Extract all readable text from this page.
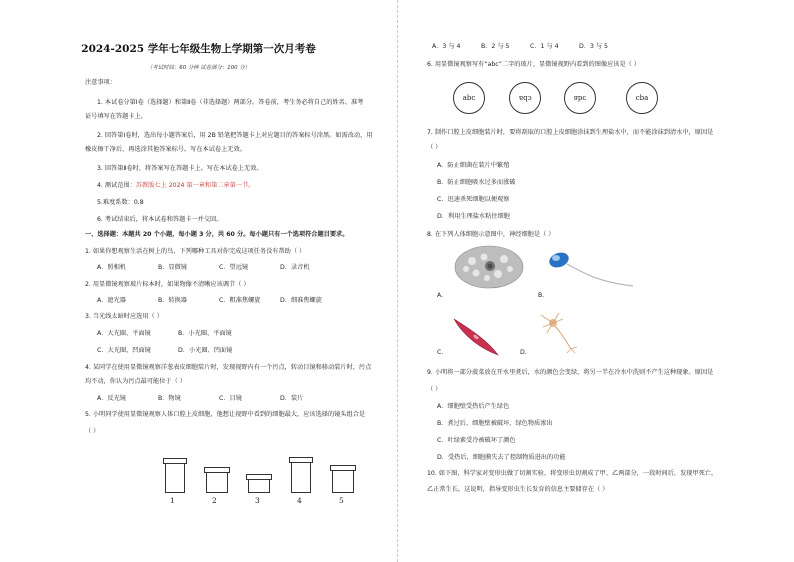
2024-2025 学年七年级生物上学期第一次月考卷
（考试时间：60 分钟 试卷满分：100 分）
注意事项：
1. 本试卷分第Ⅰ卷（选择题）和第Ⅱ卷（非选择题）两部分。答卷前，考生务必将自己的姓名、准考
证号填写在答题卡上。
2. 回答第Ⅰ卷时，选出每小题答案后，用 2B 铅笔把答题卡上对应题目的答案标号涂黑。如需改动，用
橡皮擦干净后，再选涂其他答案标号。写在本试卷上无效。
3. 回答第Ⅱ卷时，将答案写在答题卡上。写在本试卷上无效。
4. 测试范围：苏教版七上 2024 第一章和第二章第一节。
5.难度系数：0.8
6. 考试结束后，将本试卷和答题卡一并交回。
一、选择题：本题共 20 个小题，每小题 3 分，共 60 分。每小题只有一个选项符合题目要求。
1. 如果你想观察生活在树上的鸟，下列哪种工具对你完成这项任务没有帮助（ ）
A．照相机	B．显微镜	C．望远镜	D．录音机
2. 用显微镜观察玻片标本时，如果物像不清晰应该调节（ ）
A．遮光器	B．转换器	C．粗准焦螺旋	D．细准焦螺旋
3. 当光线太暗时应选用（ ）
A．大光圈、平面镜	B．小光圈、平面镜
C．大光圈、凹面镜	D．小光圈、凹面镜
4. 某同学在使用显微镜观察洋葱表皮细胞装片时，发现视野内有一个污点，转动目镜和移动装片时，污点
均不动，你认为污点最可能位于（ ）
A．反光镜	B．物镜	C．目镜	D．装片
5. 小明同学使用显微镜观察人体口腔上皮细胞，他想让视野中看到的细胞最大，应该选择的镜头组合是
（ ）
1	2	3	4	5
A．3 与 4	B．2 与 5	C．1 与 4	D．3 与 5
6. 用显微镜观察写有“abc”二字的玻片，显微镜视野内看到的图像应该是（ ）
abc	cba	abc	cba
7. 制作口腔上皮细胞装片时，要将刮取的口腔上皮细胞涂抹到生理盐水中，而不能涂抹到清水中，原因是
（ ）
A．防止细菌在装片中繁殖
B．防止细胞吸水过多而涨破
C．迅速杀死细胞以便观察
D．利用生理盐水粘住细胞
8. 在下列人体细胞示意图中，神经细胞是（ ）
A．	B．
C．	D．
9. 小明将一部分菠菜放在开水里煮后，水的颜色会变绿，将另一半在冷水中洗则不产生这种现象。原因是
（ ）
A．细胞壁受热后产生绿色
B．煮过后，细胞壁被破坏，绿色物质渗出
C．叶绿素受冷被破坏了颜色
D．受热后，细胞膜失去了控制物质进出的功能
10. 如下图，科学家对变形虫做了切割实验，将变形虫切割成了甲、乙两部分，一段时间后，发现甲死亡，
乙正常生长。这说明，指导变形虫生长发育的信息主要储存在（ ）
